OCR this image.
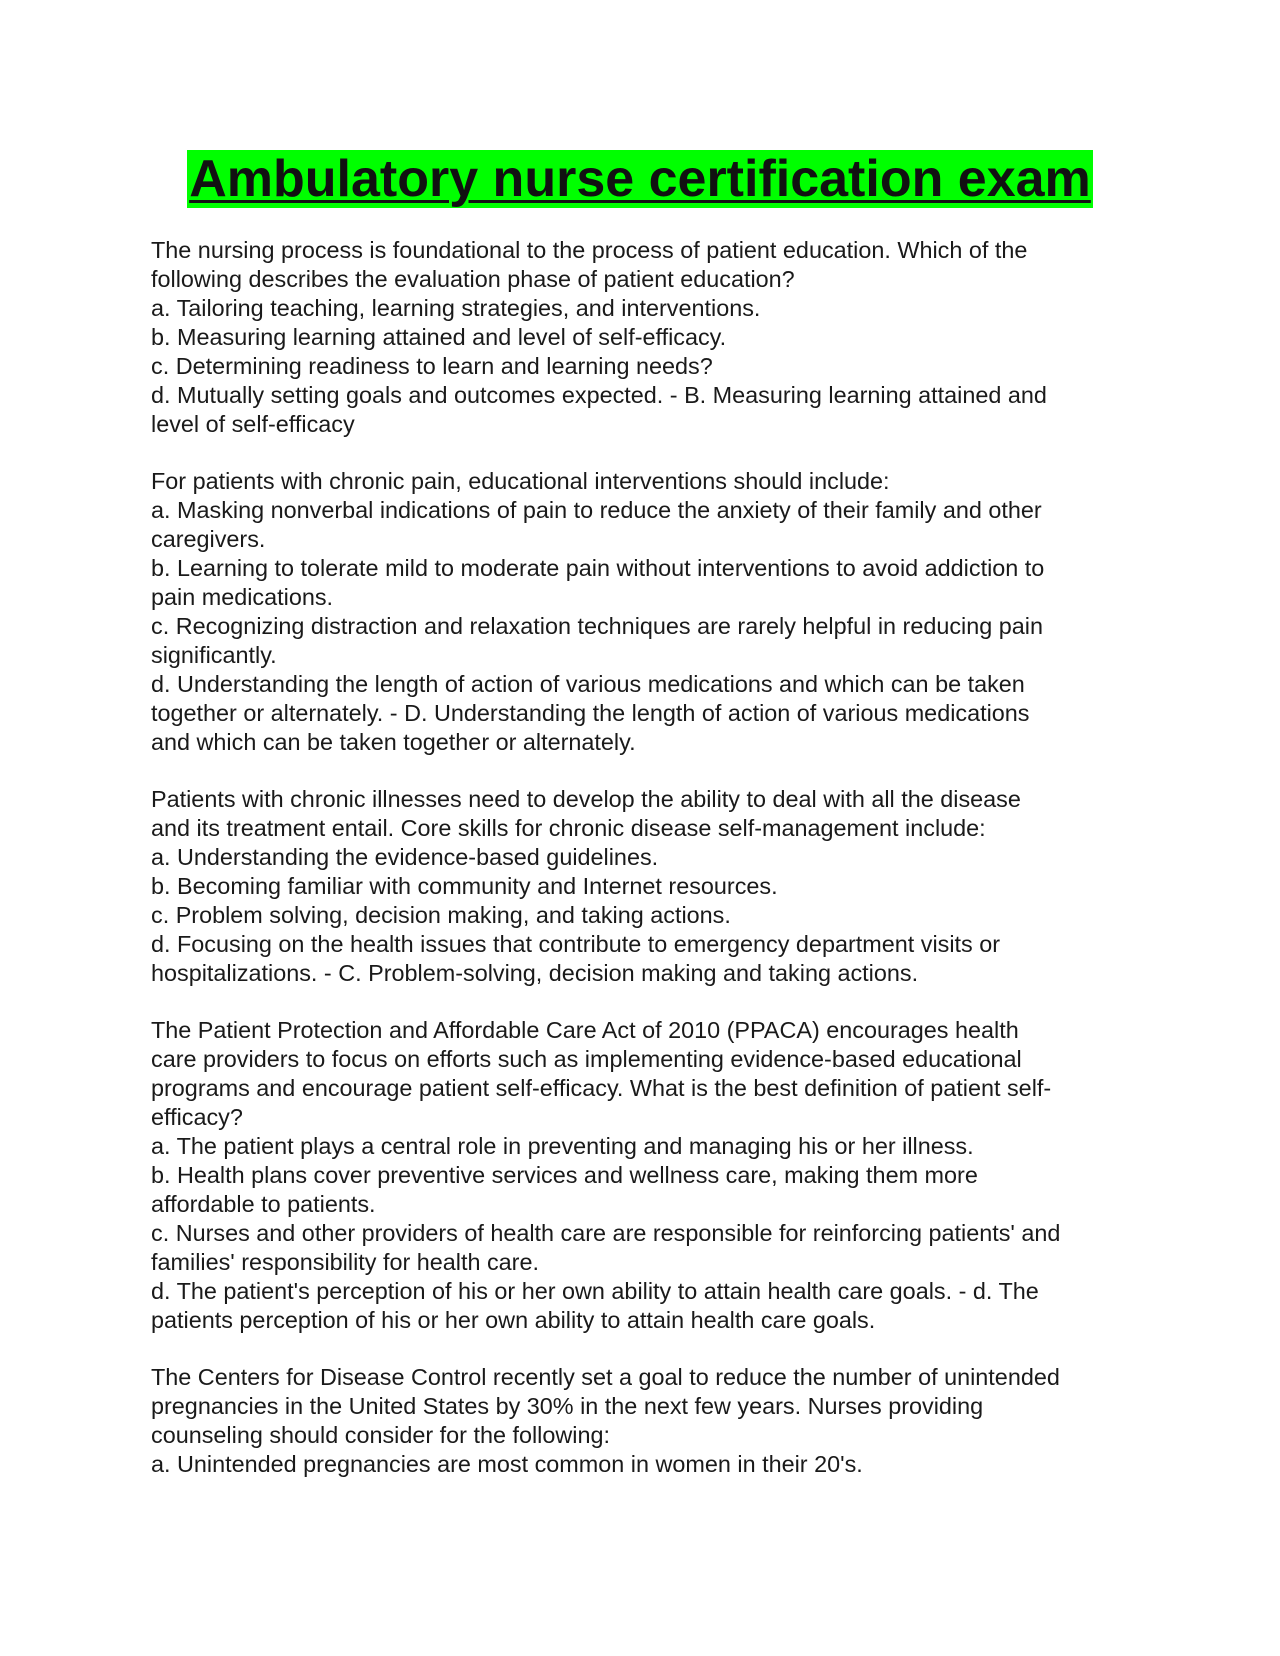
Ambulatory nurse certification exam
The nursing process is foundational to the process of patient education. Which of the
following describes the evaluation phase of patient education?
a. Tailoring teaching, learning strategies, and interventions.
b. Measuring learning attained and level of self-efficacy.
c. Determining readiness to learn and learning needs?
d. Mutually setting goals and outcomes expected. - B. Measuring learning attained and
level of self-efficacy
For patients with chronic pain, educational interventions should include:
a. Masking nonverbal indications of pain to reduce the anxiety of their family and other
caregivers.
b. Learning to tolerate mild to moderate pain without interventions to avoid addiction to
pain medications.
c. Recognizing distraction and relaxation techniques are rarely helpful in reducing pain
significantly.
d. Understanding the length of action of various medications and which can be taken
together or alternately. - D. Understanding the length of action of various medications
and which can be taken together or alternately.
Patients with chronic illnesses need to develop the ability to deal with all the disease
and its treatment entail. Core skills for chronic disease self-management include:
a. Understanding the evidence-based guidelines.
b. Becoming familiar with community and Internet resources.
c. Problem solving, decision making, and taking actions.
d. Focusing on the health issues that contribute to emergency department visits or
hospitalizations. - C. Problem-solving, decision making and taking actions.
The Patient Protection and Affordable Care Act of 2010 (PPACA) encourages health
care providers to focus on efforts such as implementing evidence-based educational
programs and encourage patient self-efficacy. What is the best definition of patient self-
efficacy?
a. The patient plays a central role in preventing and managing his or her illness.
b. Health plans cover preventive services and wellness care, making them more
affordable to patients.
c. Nurses and other providers of health care are responsible for reinforcing patients' and
families' responsibility for health care.
d. The patient's perception of his or her own ability to attain health care goals. - d. The
patients perception of his or her own ability to attain health care goals.
The Centers for Disease Control recently set a goal to reduce the number of unintended
pregnancies in the United States by 30% in the next few years. Nurses providing
counseling should consider for the following:
a. Unintended pregnancies are most common in women in their 20's.
